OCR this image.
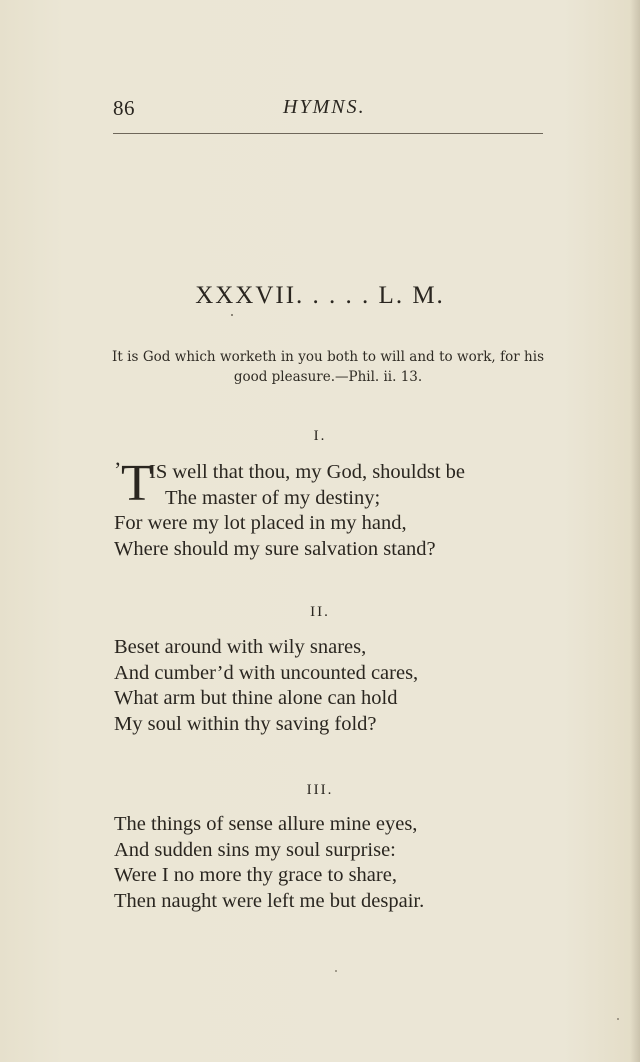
86	HYMNS.
XXXVII. . . . . L. M.
It is God which worketh in you both to will and to work, for his
good pleasure.—Phil. ii. 13.
I.
’ T
IS well that thou, my God, shouldst be
The master of my destiny;
For were my lot placed in my hand,
Where should my sure salvation stand?
II.
Beset around with wily snares,
And cumber’d with uncounted cares,
What arm but thine alone can hold
My soul within thy saving fold?
III.
The things of sense allure mine eyes,
And sudden sins my soul surprise:
Were I no more thy grace to share,
Then naught were left me but despair.
